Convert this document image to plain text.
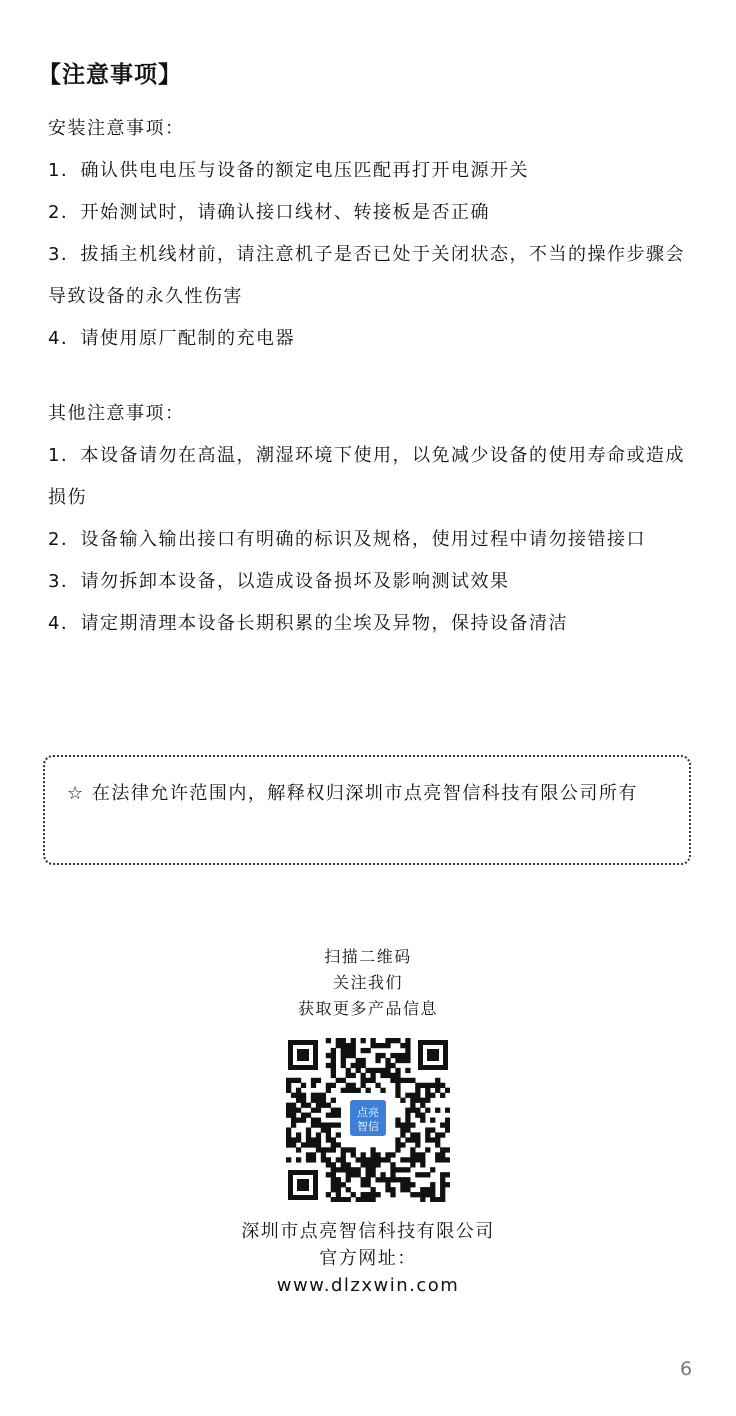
【注意事项】

安装注意事项：

1．确认供电电压与设备的额定电压匹配再打开电源开关

2．开始测试时，请确认接口线材、转接板是否正确

3．拔插主机线材前，请注意机子是否已处于关闭状态，不当的操作步骤会导致设备的永久性伤害

4．请使用原厂配制的充电器

其他注意事项：

1．本设备请勿在高温，潮湿环境下使用，以免减少设备的使用寿命或造成损伤

2．设备输入输出接口有明确的标识及规格，使用过程中请勿接错接口

3．请勿拆卸本设备，以造成设备损坏及影响测试效果

4．请定期清理本设备长期积累的尘埃及异物，保持设备清洁

☆ 在法律允许范围内，解释权归深圳市点亮智信科技有限公司所有
扫描二维码
关注我们
获取更多产品信息
点亮
智信
深圳市点亮智信科技有限公司
官方网址：
www.dlzxwin.com
6
